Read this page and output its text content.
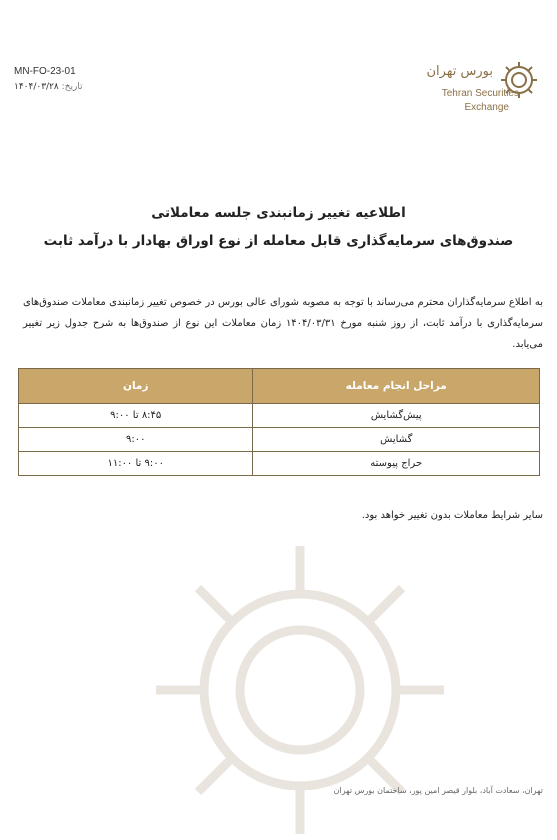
بورس تهران
Tehran Securities
Exchange
MN-FO-23-01
تاریخ: ۱۴۰۴/۰۳/۲۸
اطلاعیه تغییر زمانبندی جلسه معاملاتی
صندوق‌های سرمایه‌گذاری قابل معامله از نوع اوراق بهادار با درآمد ثابت
به اطلاع سرمایه‌گذاران محترم می‌رساند با توجه به مصوبه شورای عالی بورس در خصوص تغییر زمانبندی معاملات صندوق‌های سرمایه‌گذاری با درآمد ثابت، از روز شنبه مورخ ۱۴۰۴/۰۳/۳۱ زمان معاملات این نوع از صندوق‌ها به شرح جدول زیر تغییر می‌یابد.
مراحل انجام معامله	زمان
پیش‌گشایش	۸:۴۵ تا ۹:۰۰
گشایش	۹:۰۰
حراج پیوسته	۹:۰۰ تا ۱۱:۰۰
سایر شرایط معاملات بدون تغییر خواهد بود.
تهران، سعادت آباد، بلوار قیصر امین پور، ساختمان بورس تهران
